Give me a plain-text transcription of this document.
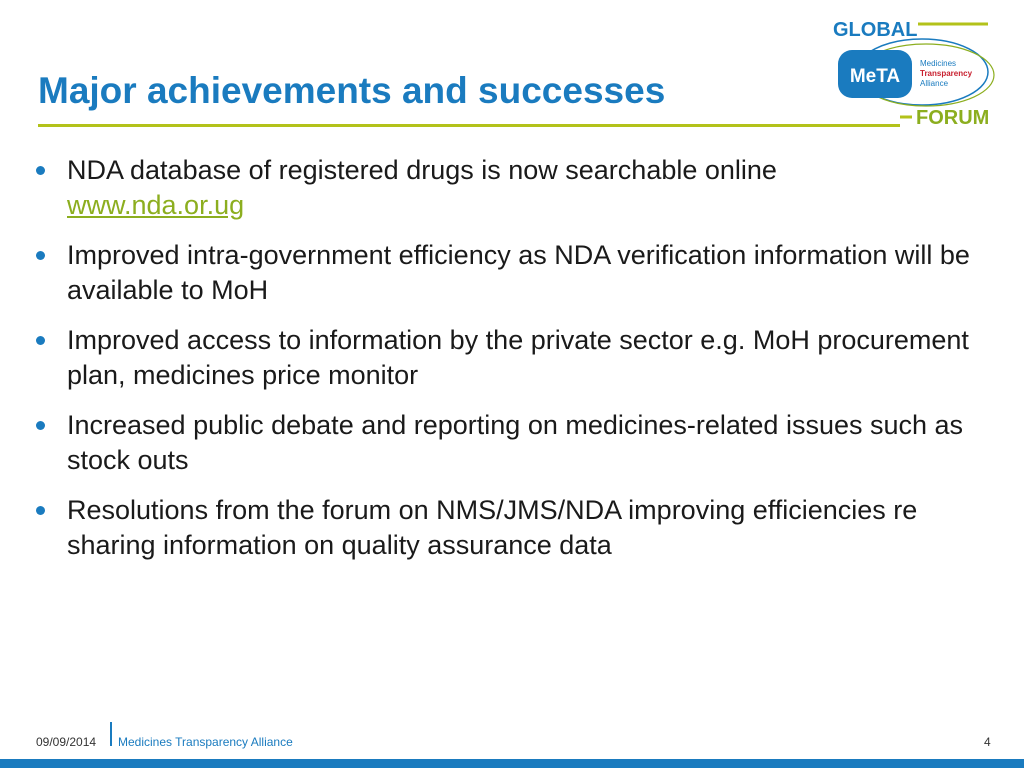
Major achievements and successes
GLOBAL
MeTA
Medicines
Transparency
Alliance
FORUM
NDA database of registered drugs is now searchable online
www.nda.or.ug
Improved intra-government efficiency as NDA verification information will be available to MoH
Improved access to information by the private sector e.g. MoH procurement plan, medicines price monitor
Increased public debate and reporting on medicines-related issues such as stock outs
Resolutions from the forum on NMS/JMS/NDA improving efficiencies re sharing information on quality assurance data
09/09/2014 Medicines Transparency Alliance	4
